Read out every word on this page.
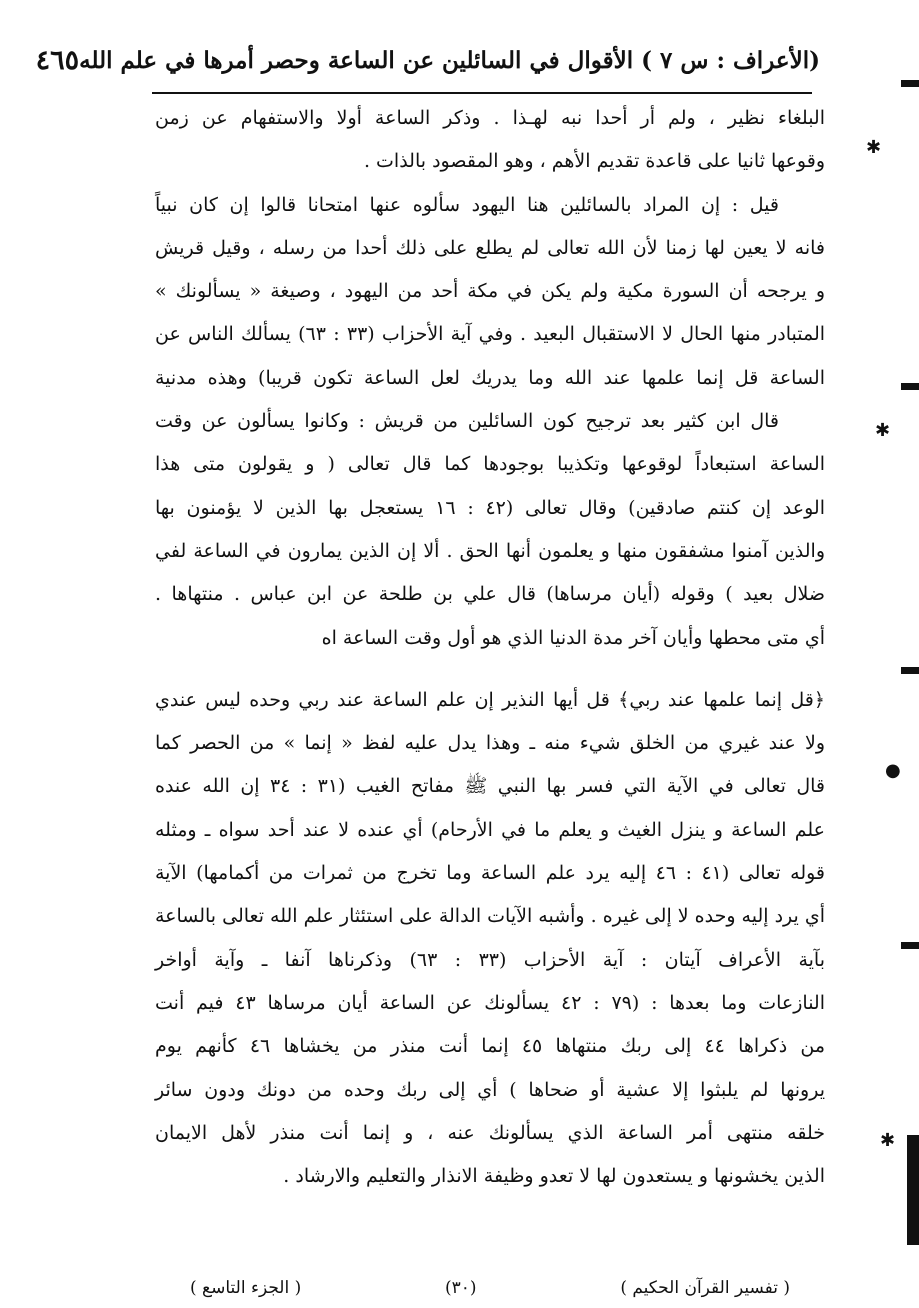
(الأعراف : س ٧ ) الأقوال في السائلين عن الساعة وحصر أمرها في علم الله
٤٦٥
البلغاء نظير ، ولم أر أحدا نبه لهـذا . وذكر الساعة أولا والاستفهام عن زمن
وقوعها ثانيا على قاعدة تقديم الأهم ، وهو المقصود بالذات .
قيل : إن المراد بالسائلين هنا اليهود سألوه عنها امتحانا قالوا إن كان نبياً
فانه لا يعين لها زمنا لأن الله تعالى لم يطلع على ذلك أحدا من رسله ، وقيل قريش
و يرجحه أن السورة مكية ولم يكن في مكة أحد من اليهود ، وصيغة « يسألونك »
المتبادر منها الحال لا الاستقبال البعيد . وفي آية الأحزاب (٣٣ : ٦٣) يسألك الناس عن
الساعة قل إنما علمها عند الله وما يدريك لعل الساعة تكون قريبا) وهذه مدنية
قال ابن كثير بعد ترجيح كون السائلين من قريش : وكانوا يسألون عن وقت
الساعة استبعاداً لوقوعها وتكذيبا بوجودها كما قال تعالى ( و يقولون متى هذا
الوعد إن كنتم صادقين) وقال تعالى (٤٢ : ١٦ يستعجل بها الذين لا يؤمنون بها
والذين آمنوا مشفقون منها و يعلمون أنها الحق . ألا إن الذين يمارون في الساعة لفي
ضلال بعيد ) وقوله (أيان مرساها) قال علي بن طلحة عن ابن عباس . منتهاها .
أي متى محطها وأيان آخر مدة الدنيا الذي هو أول وقت الساعة اه
﴿قل إنما علمها عند ربي﴾ قل أيها النذير إن علم الساعة عند ربي وحده ليس عندي
ولا عند غيري من الخلق شيء منه ـ وهذا يدل عليه لفظ « إنما » من الحصر كما
قال تعالى في الآية التي فسر بها النبي ﷺ مفاتح الغيب (٣١ : ٣٤ إن الله عنده
علم الساعة و ينزل الغيث و يعلم ما في الأرحام) أي عنده لا عند أحد سواه ـ ومثله
قوله تعالى (٤١ : ٤٦ إليه يرد علم الساعة وما تخرج من ثمرات من أكمامها) الآية
أي يرد إليه وحده لا إلى غيره . وأشبه الآيات الدالة على استئثار علم الله تعالى بالساعة
بآية الأعراف آيتان : آية الأحزاب (٣٣ : ٦٣) وذكرناها آنفا ـ وآية أواخر
النازعات وما بعدها : (٧٩ : ٤٢ يسألونك عن الساعة أيان مرساها ٤٣ فيم أنت
من ذكراها ٤٤ إلى ربك منتهاها ٤٥ إنما أنت منذر من يخشاها ٤٦ كأنهم يوم
يرونها لم يلبثوا إلا عشية أو ضحاها ) أي إلى ربك وحده من دونك ودون سائر
خلقه منتهى أمر الساعة الذي يسألونك عنه ، و إنما أنت منذر لأهل الايمان
الذين يخشونها و يستعدون لها لا تعدو وظيفة الانذار والتعليم والارشاد .
( تفسير القرآن الحكيم )
(٣٠)
( الجزء التاسع )
✱
✱
●
✱
